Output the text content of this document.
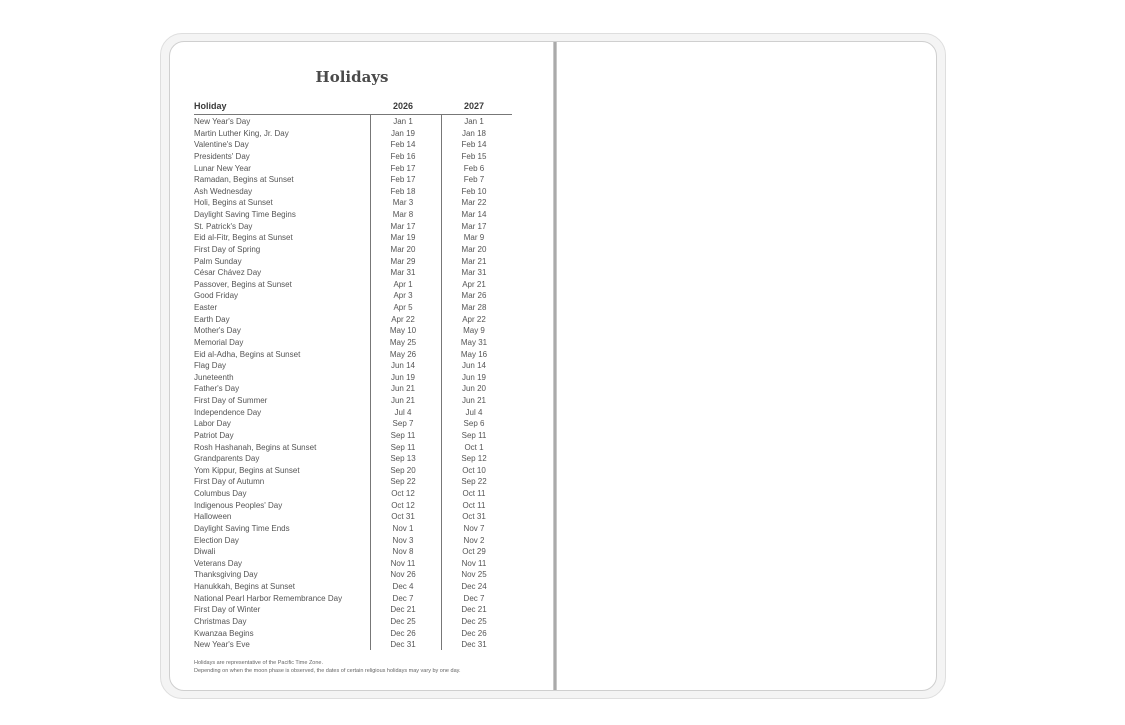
Holidays
Holiday	2026	2027
New Year's Day	Jan 1	Jan 1
Martin Luther King, Jr. Day	Jan 19	Jan 18
Valentine's Day	Feb 14	Feb 14
Presidents' Day	Feb 16	Feb 15
Lunar New Year	Feb 17	Feb 6
Ramadan, Begins at Sunset	Feb 17	Feb 7
Ash Wednesday	Feb 18	Feb 10
Holi, Begins at Sunset	Mar 3	Mar 22
Daylight Saving Time Begins	Mar 8	Mar 14
St. Patrick's Day	Mar 17	Mar 17
Eid al-Fitr, Begins at Sunset	Mar 19	Mar 9
First Day of Spring	Mar 20	Mar 20
Palm Sunday	Mar 29	Mar 21
César Chávez Day	Mar 31	Mar 31
Passover, Begins at Sunset	Apr 1	Apr 21
Good Friday	Apr 3	Mar 26
Easter	Apr 5	Mar 28
Earth Day	Apr 22	Apr 22
Mother's Day	May 10	May 9
Memorial Day	May 25	May 31
Eid al-Adha, Begins at Sunset	May 26	May 16
Flag Day	Jun 14	Jun 14
Juneteenth	Jun 19	Jun 19
Father's Day	Jun 21	Jun 20
First Day of Summer	Jun 21	Jun 21
Independence Day	Jul 4	Jul 4
Labor Day	Sep 7	Sep 6
Patriot Day	Sep 11	Sep 11
Rosh Hashanah, Begins at Sunset	Sep 11	Oct 1
Grandparents Day	Sep 13	Sep 12
Yom Kippur, Begins at Sunset	Sep 20	Oct 10
First Day of Autumn	Sep 22	Sep 22
Columbus Day	Oct 12	Oct 11
Indigenous Peoples' Day	Oct 12	Oct 11
Halloween	Oct 31	Oct 31
Daylight Saving Time Ends	Nov 1	Nov 7
Election Day	Nov 3	Nov 2
Diwali	Nov 8	Oct 29
Veterans Day	Nov 11	Nov 11
Thanksgiving Day	Nov 26	Nov 25
Hanukkah, Begins at Sunset	Dec 4	Dec 24
National Pearl Harbor Remembrance Day	Dec 7	Dec 7
First Day of Winter	Dec 21	Dec 21
Christmas Day	Dec 25	Dec 25
Kwanzaa Begins	Dec 26	Dec 26
New Year's Eve	Dec 31	Dec 31
Holidays are representative of the Pacific Time Zone.
Depending on when the moon phase is observed, the dates of certain religious holidays may vary by one day.
